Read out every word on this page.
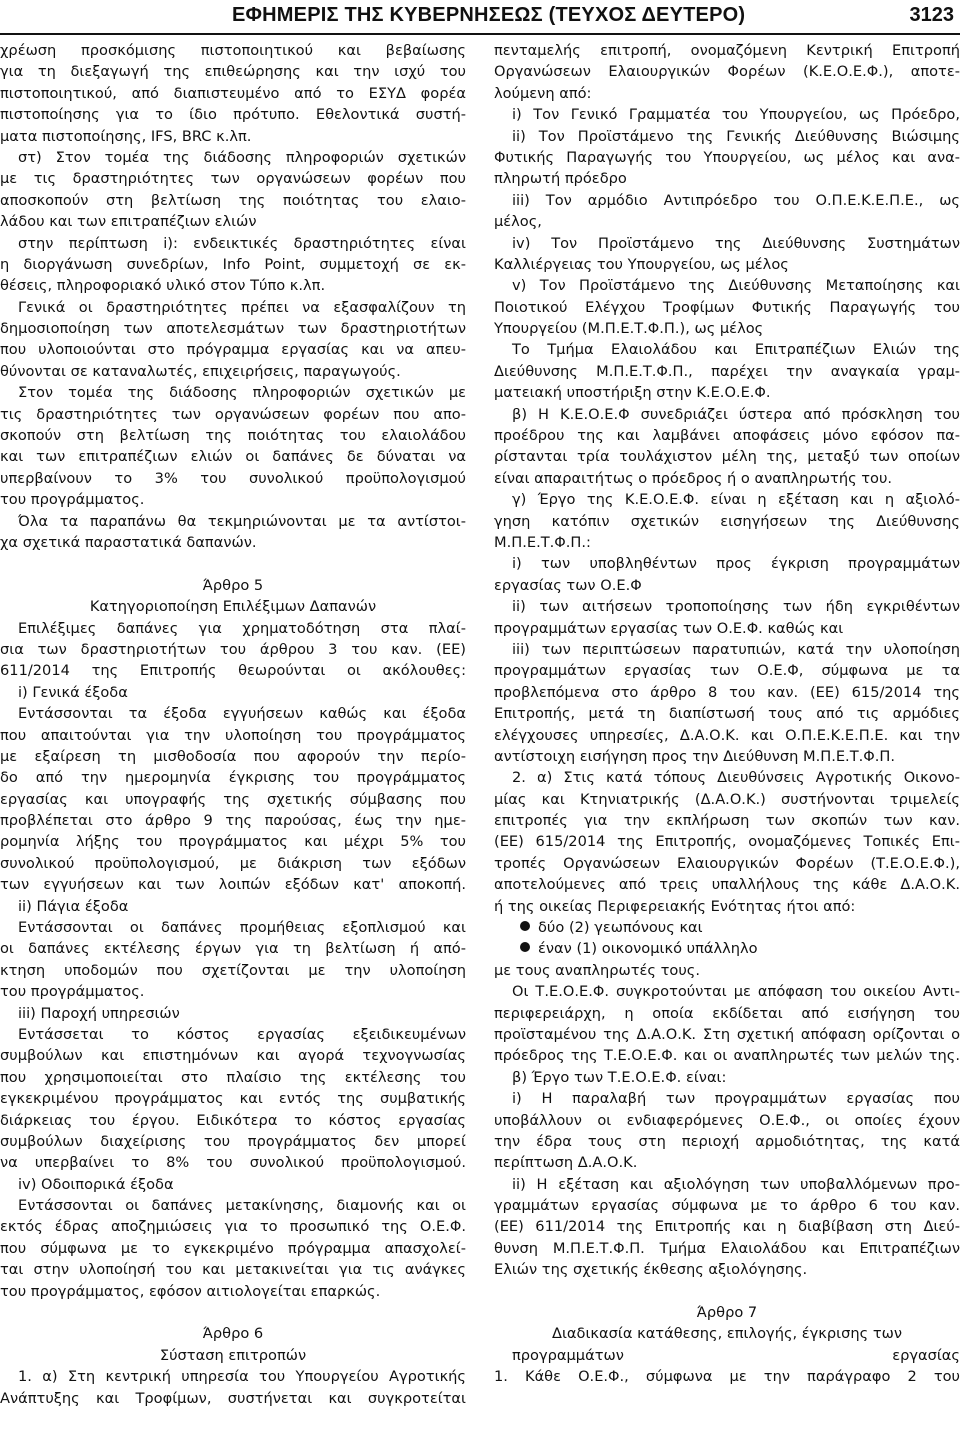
ΕΦΗΜΕΡΙΣ ΤΗΣ ΚΥΒΕΡΝΗΣΕΩΣ (ΤΕΥΧΟΣ ΔΕΥΤΕΡΟ)	3123
χρέωση προσκόμισης πιστοποιητικού και βεβαίωσης
για τη διεξαγωγή της επιθεώρησης και την ισχύ του
πιστοποιητικού, από διαπιστευμένο από το ΕΣΥΔ φορέα
πιστοποίησης για το ίδιο πρότυπο. Εθελοντικά συστή-
ματα πιστοποίησης, IFS, BRC κ.λπ.
στ) Στον τομέα της διάδοσης πληροφοριών σχετικών
με τις δραστηριότητες των οργανώσεων φορέων που
αποσκοπούν στη βελτίωση της ποιότητας του ελαιο-
λάδου και των επιτραπέζιων ελιών
στην περίπτωση i): ενδεικτικές δραστηριότητες είναι
η διοργάνωση συνεδρίων, Info Point, συμμετοχή σε εκ-
θέσεις, πληροφοριακό υλικό στον Τύπο κ.λπ.
Γενικά οι δραστηριότητες πρέπει να εξασφαλίζουν τη
δημοσιοποίηση των αποτελεσμάτων των δραστηριοτήτων
που υλοποιούνται στο πρόγραμμα εργασίας και να απευ-
θύνονται σε καταναλωτές, επιχειρήσεις, παραγωγούς.
Στον τομέα της διάδοσης πληροφοριών σχετικών με
τις δραστηριότητες των οργανώσεων φορέων που απο-
σκοπούν στη βελτίωση της ποιότητας του ελαιολάδου
και των επιτραπέζιων ελιών οι δαπάνες δε δύναται να
υπερβαίνουν το 3% του συνολικού προϋπολογισμού
του προγράμματος.
Όλα τα παραπάνω θα τεκμηριώνονται με τα αντίστοι-
χα σχετικά παραστατικά δαπανών.
Άρθρο 5
Κατηγοριοποίηση Επιλέξιμων Δαπανών
Επιλέξιμες δαπάνες για χρηματοδότηση στα πλαί-
σια των δραστηριοτήτων του άρθρου 3 του καν. (ΕΕ)
611/2014 της Επιτροπής θεωρούνται οι ακόλουθες:
i) Γενικά έξοδα
Εντάσσονται τα έξοδα εγγυήσεων καθώς και έξοδα
που απαιτούνται για την υλοποίηση του προγράμματος
με εξαίρεση τη μισθοδοσία που αφορούν την περίο-
δο από την ημερομηνία έγκρισης του προγράμματος
εργασίας και υπογραφής της σχετικής σύμβασης που
προβλέπεται στο άρθρο 9 της παρούσας, έως την ημε-
ρομηνία λήξης του προγράμματος και μέχρι 5% του
συνολικού προϋπολογισμού, με διάκριση των εξόδων
των εγγυήσεων και των λοιπών εξόδων κατ' αποκοπή.
ii) Πάγια έξοδα
Εντάσσονται οι δαπάνες προμήθειας εξοπλισμού και
οι δαπάνες εκτέλεσης έργων για τη βελτίωση ή από-
κτηση υποδομών που σχετίζονται με την υλοποίηση
του προγράμματος.
iii) Παροχή υπηρεσιών
Εντάσσεται το κόστος εργασίας εξειδικευμένων
συμβούλων και επιστημόνων και αγορά τεχνογνωσίας
που χρησιμοποιείται στο πλαίσιο της εκτέλεσης του
εγκεκριμένου προγράμματος και εντός της συμβατικής
διάρκειας του έργου. Ειδικότερα το κόστος εργασίας
συμβούλων διαχείρισης του προγράμματος δεν μπορεί
να υπερβαίνει το 8% του συνολικού προϋπολογισμού.
iv) Οδοιπορικά έξοδα
Εντάσσονται οι δαπάνες μετακίνησης, διαμονής και οι
εκτός έδρας αποζημιώσεις για το προσωπικό της Ο.Ε.Φ.
που σύμφωνα με το εγκεκριμένο πρόγραμμα απασχολεί-
ται στην υλοποίησή του και μετακινείται για τις ανάγκες
του προγράμματος, εφόσον αιτιολογείται επαρκώς.
Άρθρο 6
Σύσταση επιτροπών
1. α) Στη κεντρική υπηρεσία του Υπουργείου Αγροτικής
Ανάπτυξης και Τροφίμων, συστήνεται και συγκροτείται
πενταμελής επιτροπή, ονομαζόμενη Κεντρική Επιτροπή
Οργανώσεων Ελαιουργικών Φορέων (Κ.Ε.Ο.Ε.Φ.), αποτε-
λούμενη από:
i) Τον Γενικό Γραμματέα του Υπουργείου, ως Πρόεδρο,
ii) Τον Προϊστάμενο της Γενικής Διεύθυνσης Βιώσιμης
Φυτικής Παραγωγής του Υπουργείου, ως μέλος και ανα-
πληρωτή πρόεδρο
iii) Τον αρμόδιο Αντιπρόεδρο του Ο.Π.Ε.Κ.Ε.Π.Ε., ως
μέλος,
iv) Τον Προϊστάμενο της Διεύθυνσης Συστημάτων
Καλλιέργειας του Υπουργείου, ως μέλος
v) Τον Προϊστάμενο της Διεύθυνσης Μεταποίησης και
Ποιοτικού Ελέγχου Τροφίμων Φυτικής Παραγωγής του
Υπουργείου (Μ.Π.Ε.Τ.Φ.Π.), ως μέλος
Το Τμήμα Ελαιολάδου και Επιτραπέζιων Ελιών της
Διεύθυνσης Μ.Π.Ε.Τ.Φ.Π., παρέχει την αναγκαία γραμ-
ματειακή υποστήριξη στην Κ.Ε.Ο.Ε.Φ.
β) Η Κ.Ε.Ο.Ε.Φ συνεδριάζει ύστερα από πρόσκληση του
προέδρου της και λαμβάνει αποφάσεις μόνο εφόσον πα-
ρίστανται τρία τουλάχιστον μέλη της, μεταξύ των οποίων
είναι απαραιτήτως ο πρόεδρος ή ο αναπληρωτής του.
γ) Έργο της Κ.Ε.Ο.Ε.Φ. είναι η εξέταση και η αξιολό-
γηση κατόπιν σχετικών εισηγήσεων της Διεύθυνσης
Μ.Π.Ε.Τ.Φ.Π.:
i) των υποβληθέντων προς έγκριση προγραμμάτων
εργασίας των Ο.Ε.Φ
ii) των αιτήσεων τροποποίησης των ήδη εγκριθέντων
προγραμμάτων εργασίας των Ο.Ε.Φ. καθώς και
iii) των περιπτώσεων παρατυπιών, κατά την υλοποίηση
προγραμμάτων εργασίας των Ο.Ε.Φ, σύμφωνα με τα
προβλεπόμενα στο άρθρο 8 του καν. (ΕΕ) 615/2014 της
Επιτροπής, μετά τη διαπίστωσή τους από τις αρμόδιες
ελέγχουσες υπηρεσίες, Δ.Α.Ο.Κ. και Ο.Π.Ε.Κ.Ε.Π.Ε. και την
αντίστοιχη εισήγηση προς την Διεύθυνση Μ.Π.Ε.Τ.Φ.Π.
2. α) Στις κατά τόπους Διευθύνσεις Αγροτικής Οικονο-
μίας και Κτηνιατρικής (Δ.Α.Ο.Κ.) συστήνονται τριμελείς
επιτροπές για την εκπλήρωση των σκοπών των καν.
(ΕΕ) 615/2014 της Επιτροπής, ονομαζόμενες Τοπικές Επι-
τροπές Οργανώσεων Ελαιουργικών Φορέων (Τ.Ε.Ο.Ε.Φ.),
αποτελούμενες από τρεις υπαλλήλους της κάθε Δ.Α.Ο.Κ.
ή της οικείας Περιφερειακής Ενότητας ήτοι από:
δύο (2) γεωπόνους και
έναν (1) οικονομικό υπάλληλο
με τους αναπληρωτές τους.
Οι Τ.Ε.Ο.Ε.Φ. συγκροτούνται με απόφαση του οικείου Αντι-
περιφερειάρχη, η οποία εκδίδεται από εισήγηση του
προϊσταμένου της Δ.Α.Ο.Κ. Στη σχετική απόφαση ορίζονται ο
πρόεδρος της Τ.Ε.Ο.Ε.Φ. και οι αναπληρωτές των μελών της.
β) Έργο των Τ.Ε.Ο.Ε.Φ. είναι:
i) Η παραλαβή των προγραμμάτων εργασίας που
υποβάλλουν οι ενδιαφερόμενες Ο.Ε.Φ., οι οποίες έχουν
την έδρα τους στη περιοχή αρμοδιότητας, της κατά
περίπτωση Δ.Α.Ο.Κ.
ii) Η εξέταση και αξιολόγηση των υποβαλλόμενων προ-
γραμμάτων εργασίας σύμφωνα με το άρθρο 6 του καν.
(ΕΕ) 611/2014 της Επιτροπής και η διαβίβαση στη Διεύ-
θυνση Μ.Π.Ε.Τ.Φ.Π. Τμήμα Ελαιολάδου και Επιτραπέζιων
Ελιών της σχετικής έκθεσης αξιολόγησης.
Άρθρο 7
Διαδικασία κατάθεσης, επιλογής, έγκρισης των
προγραμμάτων εργασίας
1. Κάθε Ο.Ε.Φ., σύμφωνα με την παράγραφο 2 του
